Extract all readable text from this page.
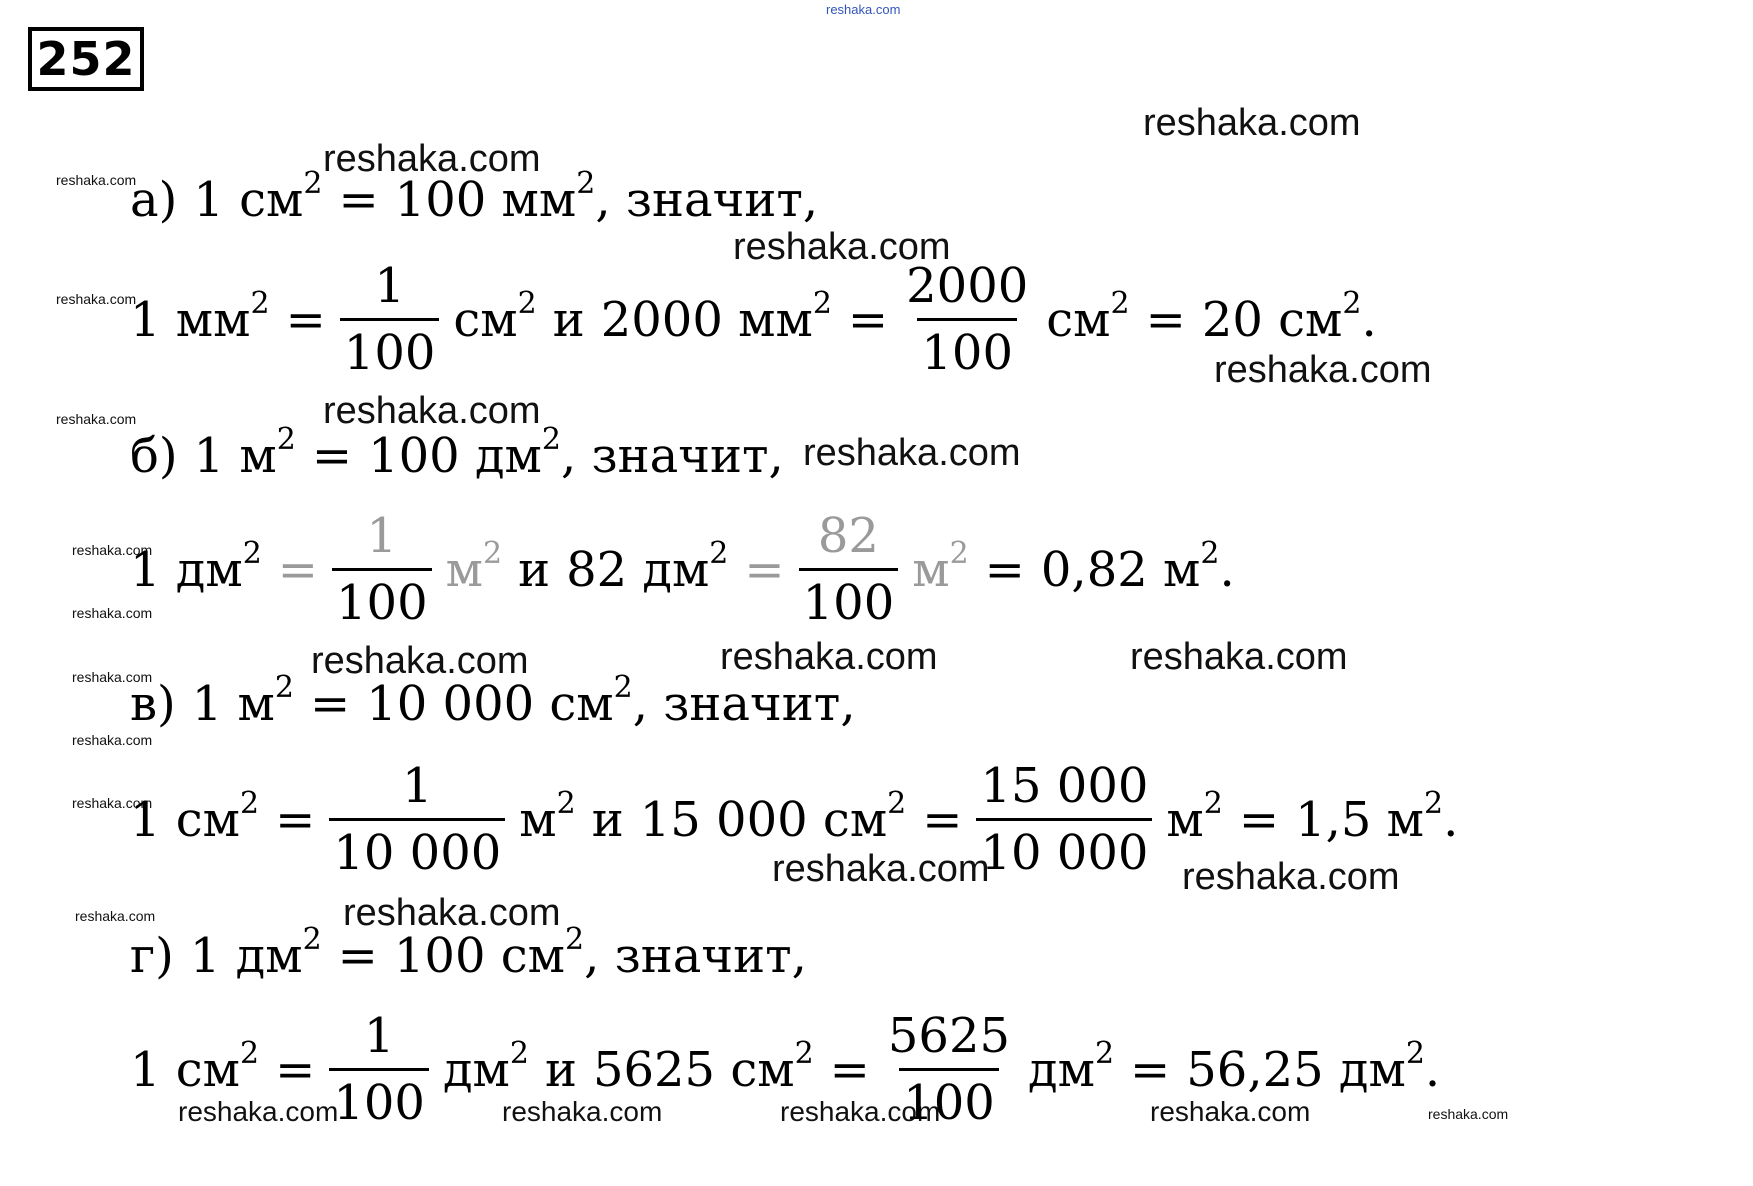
252
reshaka.com
reshaka.com
reshaka.com
reshaka.com
reshaka.com
reshaka.com
reshaka.com
reshaka.com
reshaka.com
reshaka.com
reshaka.com
reshaka.com
reshaka.com	reshaka.com	reshaka.com
reshaka.com
reshaka.com
reshaka.com
reshaka.com	reshaka.com
reshaka.com	reshaka.com
reshaka.com
reshaka.com	reshaka.com	reshaka.com	reshaka.com
а) 1 $см^2 = 100$ $мм^2$ , значит,
1 $мм^2 = \frac{1}{100} см^2$ и 2000 $мм^2 = \frac{2000}{100} см^2 = 20$ $см^2$ .
б) 1 $м^2 = 100$ $дм^2$ , значит,
1 $дм^2 = \frac{1}{100} м^2$ и 82 $дм^2 = \frac{82}{100} м^2 = 0,82$ $м^2$ .
в) 1 $м^2 = 10$ 000 $см^2$ , значит,
1 $см^2 = \frac{1}{10 000} м^2$ и 15 000 $см^2 = \frac{15 000}{10 000} м^2 = 1,5$ $м^2$ .
г) 1 $дм^2 = 100$ $см^2$ , значит,
1 $см^2 = \frac{1}{100} дм^2$ и 5625 $см^2 = \frac{5625}{100} дм^2 = 56,25$ $дм^2$ .
